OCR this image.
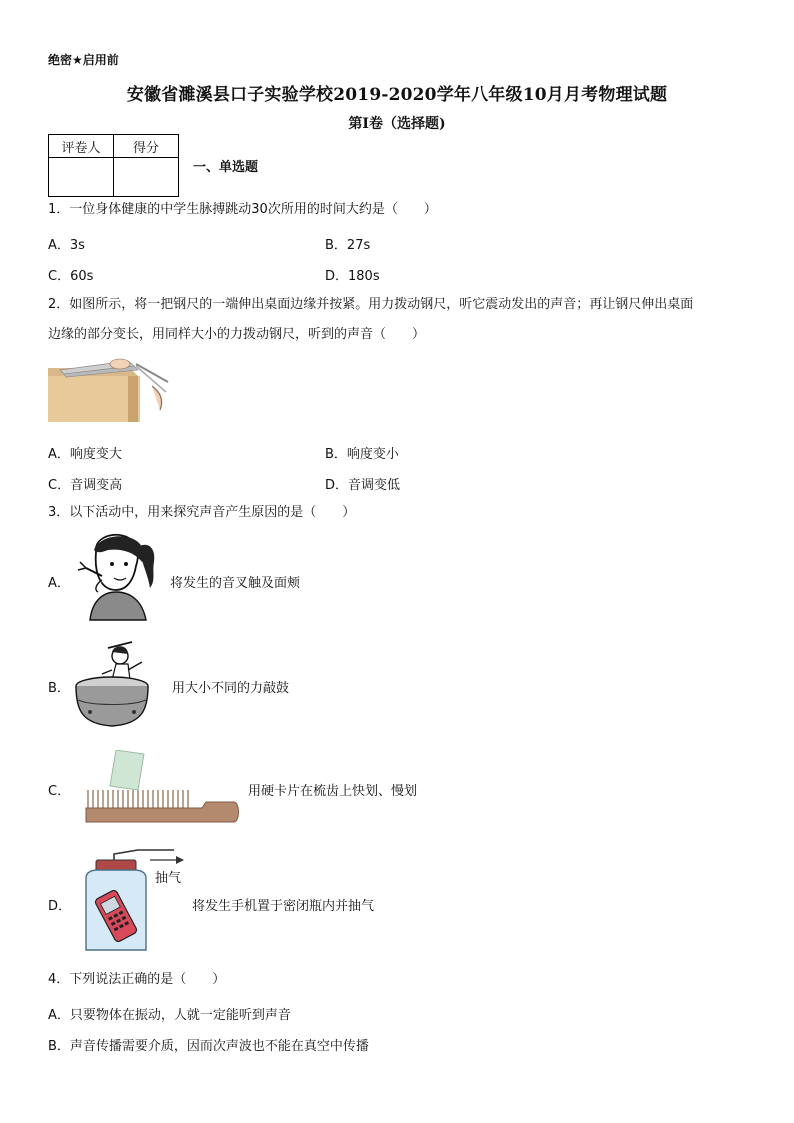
绝密★启用前
安徽省濉溪县口子实验学校2019-2020学年八年级10月月考物理试题
第I卷（选择题)
评卷人	得分

一、单选题
1．一位身体健康的中学生脉搏跳动30次所用的时间大约是（　　）
A．3s	B．27s
C．60s	D．180s
2．如图所示，将一把钢尺的一端伸出桌面边缘并按紧。用力拨动钢尺，听它震动发出的声音；再让钢尺伸出桌面
边缘的部分变长，用同样大小的力拨动钢尺，听到的声音（　　）
A．响度变大	B．响度变小
C．音调变高	D．音调变低
3．以下活动中，用来探究声音产生原因的是（　　）
A．	将发生的音叉触及面颊
B．	用大小不同的力敲鼓
C．	用硬卡片在梳齿上快划、慢划
D．
抽气
将发生手机置于密闭瓶内并抽气
4．下列说法正确的是（　　）
A．只要物体在振动，人就一定能听到声音
B．声音传播需要介质，因而次声波也不能在真空中传播
